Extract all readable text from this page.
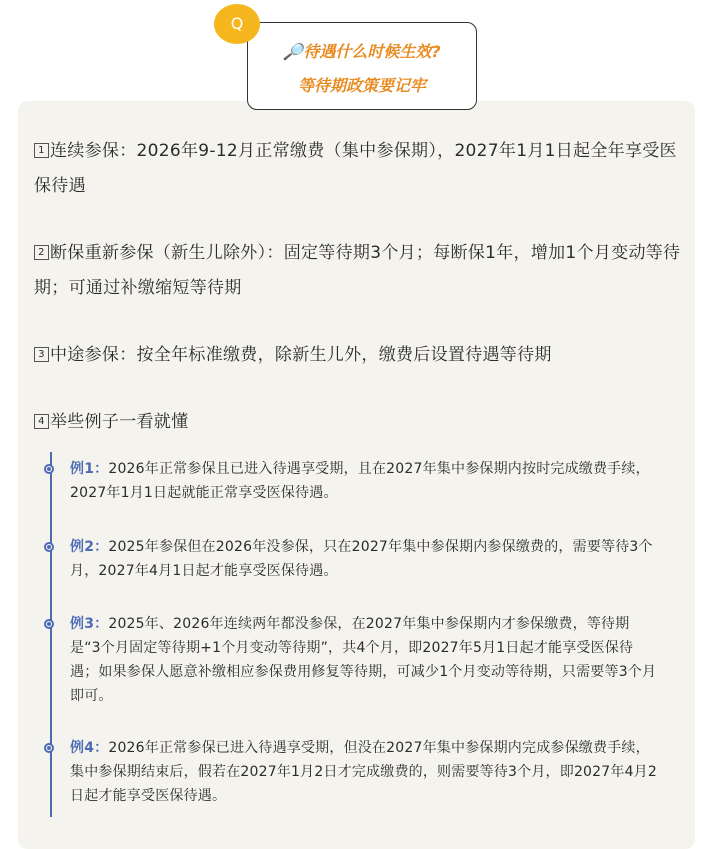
Q
🔎待遇什么时候生效?
等待期政策要记牢
1 连续参保：2026年9-12月正常缴费（集中参保期），2027年1月1日起全年享受医保待遇
2 断保重新参保（新生儿除外）：固定等待期3个月；每断保1年，增加1个月变动等待期；可通过补缴缩短等待期
3 中途参保：按全年标准缴费，除新生儿外，缴费后设置待遇等待期
4 举些例子一看就懂
例1：2026年正常参保且已进入待遇享受期，且在2027年集中参保期内按时完成缴费手续，2027年1月1日起就能正常享受医保待遇。
例2：2025年参保但在2026年没参保，只在2027年集中参保期内参保缴费的，需要等待3个月，2027年4月1日起才能享受医保待遇。
例3：2025年、2026年连续两年都没参保，在2027年集中参保期内才参保缴费，等待期是“3个月固定等待期+1个月变动等待期”，共4个月，即2027年5月1日起才能享受医保待遇；如果参保人愿意补缴相应参保费用修复等待期，可减少1个月变动等待期，只需要等3个月即可。
例4：2026年正常参保已进入待遇享受期，但没在2027年集中参保期内完成参保缴费手续，集中参保期结束后，假若在2027年1月2日才完成缴费的，则需要等待3个月，即2027年4月2日起才能享受医保待遇。
